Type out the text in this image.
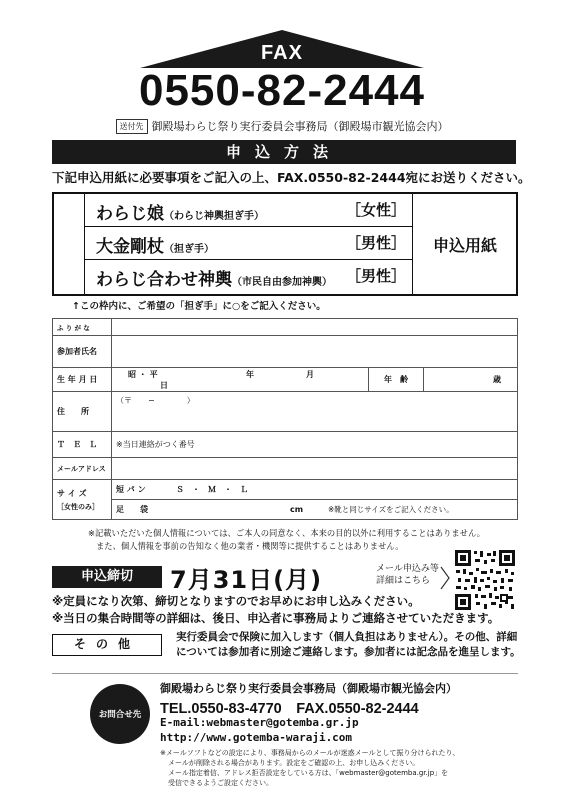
FAX
0550-82-2444
送付先 御殿場わらじ祭り実行委員会事務局（御殿場市観光協会内）
申込方法
下記申込用紙に必要事項をご記入の上、FAX.0550-82-2444宛にお送りください。
わらじ娘（わらじ神輿担ぎ手）	［女性］
大金剛杖（担ぎ手）	［男性］
わらじ合わせ神輿（市民自由参加神輿） ［男性］
申込用紙
↑この枠内に、ご希望の「担ぎ手」に○をご記入ください。
ふ り が な			
参加者氏名			
生 年 月 日	昭 ・ 平 年 月日	年　齢	歳
住　　所	（〒　　−　　　　）		
Ｔ　Ｅ　Ｌ	※当日連絡がつく番号		
メールアドレス			

サ イ ズ
［女性のみ］	短 パ ン Ｓ　・　Ｍ　・　Ｌ		
	足　　袋 cm ※靴と同じサイズをご記入ください。		
※記載いただいた個人情報については、ご本人の同意なく、本来の目的以外に利用することはありません。
また、個人情報を事前の告知なく他の業者・機関等に提供することはありません。
申込締切	7月31日(月)	メール申込み等
詳細はこちら
※定員になり次第、締切となりますのでお早めにお申し込みください。
※当日の集合時間等の詳細は、後日、申込者に事務局よりご連絡させていただきます。
その他	実行委員会で保険に加入します（個人負担はありません）。その他、詳細については参加者に別途ご連絡します。参加者には記念品を進呈します。
お問合せ先
御殿場わらじ祭り実行委員会事務局（御殿場市観光協会内）
TEL.0550-83-4770　FAX.0550-82-2444
E-mail:webmaster@gotemba.gr.jp
http://www.gotemba-waraji.com
※メールソフトなどの設定により、事務局からのメールが迷惑メールとして振り分けられたり、
メールが削除される場合があります。設定をご確認の上、お申し込みください。
メール指定着信、アドレス拒否設定をしている方は、「webmaster@gotemba.gr.jp」を
受信できるようご設定ください。
